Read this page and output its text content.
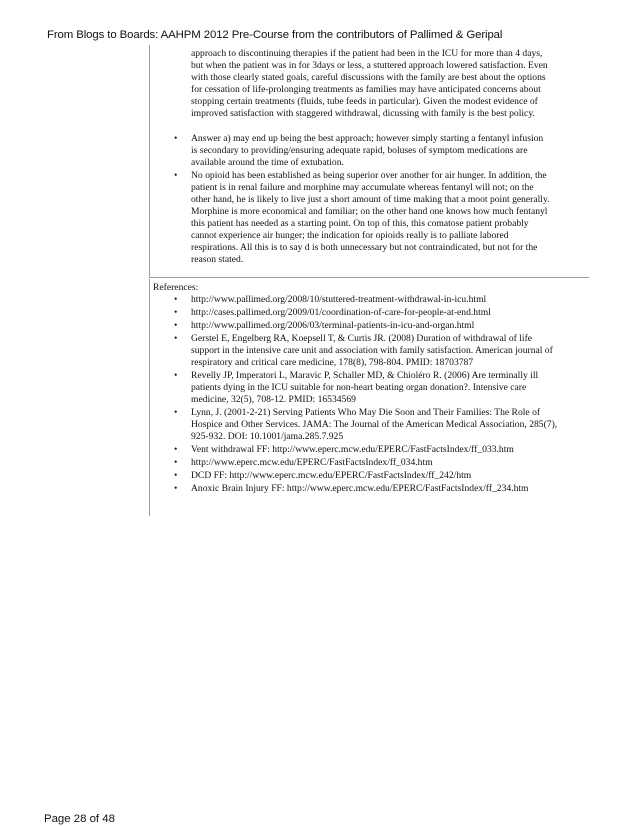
From Blogs to Boards: AAHPM 2012 Pre-Course from the contributors of Pallimed & Geripal
approach to discontinuing therapies if the patient had been in the ICU for more than 4 days, but when the patient was in for 3days or less, a stuttered approach lowered satisfaction. Even with those clearly stated goals, careful discussions with the family are best about the options for cessation of life-prolonging treatments as families may have anticipated concerns about stopping certain treatments (fluids, tube feeds in particular). Given the modest evidence of improved satisfaction with staggered withdrawal, dicussing with family is the best policy.
• Answer a) may end up being the best approach; however simply starting a fentanyl infusion is secondary to providing/ensuring adequate rapid, boluses of symptom medications are available around the time of extubation.
• No opioid has been established as being superior over another for air hunger. In addition, the patient is in renal failure and morphine may accumulate whereas fentanyl will not; on the other hand, he is likely to live just a short amount of time making that a moot point generally. Morphine is more economical and familiar; on the other hand one knows how much fentanyl this patient has needed as a starting point. On top of this, this comatose patient probably cannot experience air hunger; the indication for opioids really is to palliate labored respirations. All this is to say d is both unnecessary but not contraindicated, but not for the reason stated.
References:
• http://www.pallimed.org/2008/10/stuttered-treatment-withdrawal-in-icu.html
• http://cases.pallimed.org/2009/01/coordination-of-care-for-people-at-end.html
• http://www.pallimed.org/2006/03/terminal-patients-in-icu-and-organ.html
• Gerstel E, Engelberg RA, Koepsell T, & Curtis JR. (2008) Duration of withdrawal of life support in the intensive care unit and association with family satisfaction. American journal of respiratory and critical care medicine, 178(8), 798-804. PMID: 18703787
• Revelly JP, Imperatori L, Maravic P, Schaller MD, & Chioléro R. (2006) Are terminally ill patients dying in the ICU suitable for non-heart beating organ donation?. Intensive care medicine, 32(5), 708-12. PMID: 16534569
• Lynn, J. (2001-2-21) Serving Patients Who May Die Soon and Their Families: The Role of Hospice and Other Services. JAMA: The Journal of the American Medical Association, 285(7), 925-932. DOI: 10.1001/jama.285.7.925
• Vent withdrawal FF: http://www.eperc.mcw.edu/EPERC/FastFactsIndex/ff_033.htm
• http://www.eperc.mcw.edu/EPERC/FastFactsIndex/ff_034.htm
• DCD FF: http://www.eperc.mcw.edu/EPERC/FastFactsIndex/ff_242/htm
• Anoxic Brain Injury FF: http://www.eperc.mcw.edu/EPERC/FastFactsIndex/ff_234.htm
Page 28 of 48
